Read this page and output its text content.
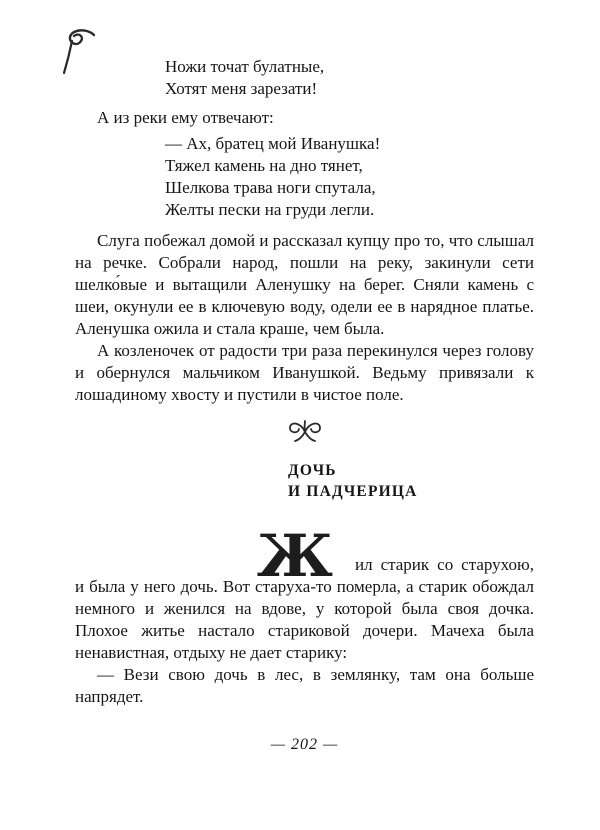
Ножи точат булатные,
Хотят меня зарезати!

А из реки ему отвечают:

— Ах, братец мой Иванушка!
Тяжел камень на дно тянет,
Шелкова трава ноги спутала,
Желты пески на груди легли.

Слуга побежал домой и рассказал купцу про то, что слышал на речке. Собрали народ, пошли на реку, закинули сети шелко́вые и вытащили Аленушку на берег. Сняли камень с шеи, окунули ее в ключевую воду, одели ее в нарядное платье. Аленушка ожила и стала краше, чем была.

А козленочек от радости три раза перекинулся через голову и обернулся мальчиком Иванушкой. Ведьму привязали к лошадиному хвосту и пустили в чистое поле.

ДОЧЬ
И ПАДЧЕРИЦА

Ж ил старик со старухою, и была у него дочь. Вот старуха-то померла, а старик обождал немного и женился на вдове, у которой была своя дочка. Плохое житье настало стариковой дочери. Мачеха была ненавистная, отдыху не дает старику:

— Вези свою дочь в лес, в землянку, там она больше напрядет.

— 202 —
